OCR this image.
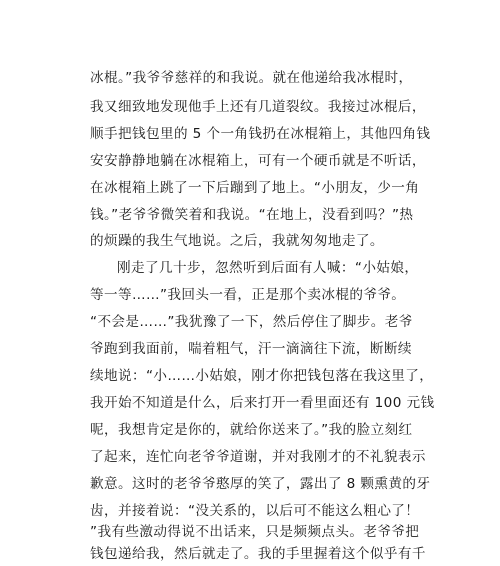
冰棍。”我爷爷慈祥的和我说。就在他递给我冰棍时，
我又细致地发现他手上还有几道裂纹。我接过冰棍后，
顺手把钱包里的 5 个一角钱扔在冰棍箱上，其他四角钱
安安静静地躺在冰棍箱上，可有一个硬币就是不听话，
在冰棍箱上跳了一下后蹦到了地上。“小朋友，少一角
钱。”老爷爷微笑着和我说。“在地上，没看到吗？”热
的烦躁的我生气地说。之后，我就匆匆地走了。
刚走了几十步，忽然听到后面有人喊：“小姑娘，
等一等……”我回头一看，正是那个卖冰棍的爷爷。
“不会是……”我犹豫了一下，然后停住了脚步。老爷
爷跑到我面前，喘着粗气，汗一滴滴往下流，断断续
续地说：“小……小姑娘，刚才你把钱包落在我这里了，
我开始不知道是什么，后来打开一看里面还有 100 元钱
呢，我想肯定是你的，就给你送来了。”我的脸立刻红
了起来，连忙向老爷爷道谢，并对我刚才的不礼貌表示
歉意。这时的老爷爷憨厚的笑了，露出了 8 颗熏黄的牙
齿，并接着说：“没关系的，以后可不能这么粗心了！
”我有些激动得说不出话来，只是频频点头。老爷爷把
钱包递给我，然后就走了。我的手里握着这个似乎有千
